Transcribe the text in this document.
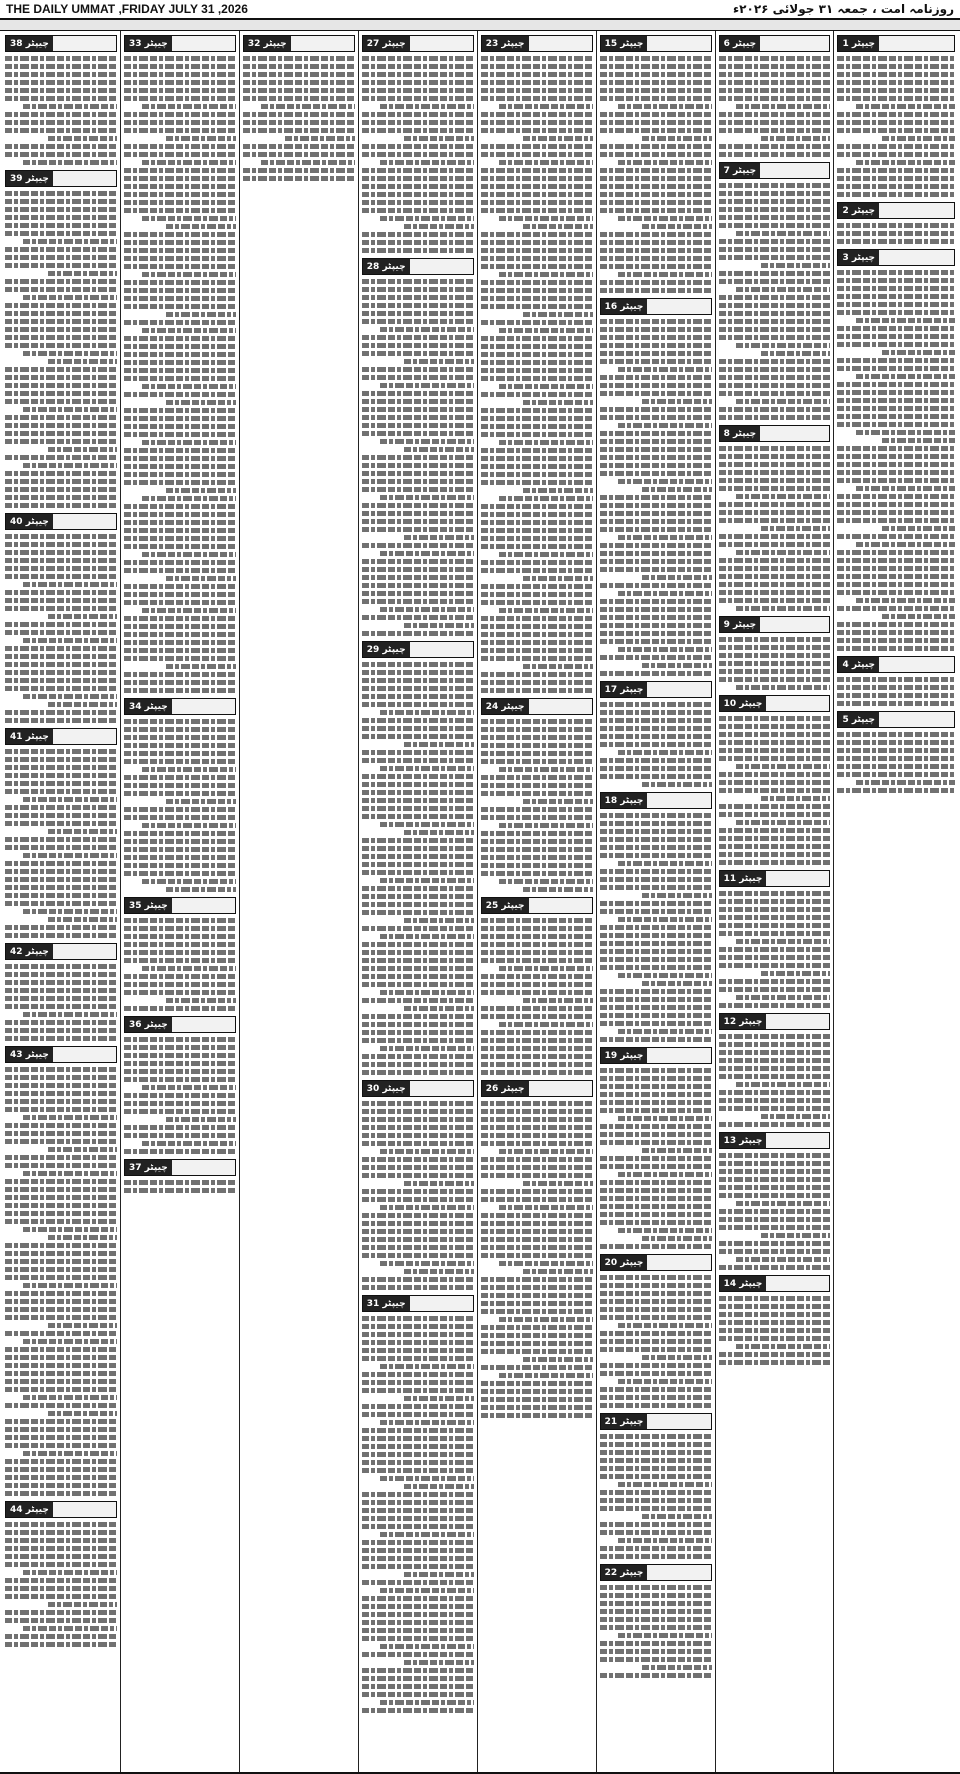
THE DAILY UMMAT ,FRIDAY JULY 31 ,2026	روزنامہ امت ، جمعہ ۳۱ جولائی ۲۰۲۶ء
چیپٹر 1
چیپٹر 2
چیپٹر 3
چیپٹر 4
چیپٹر 5
چیپٹر 6
چیپٹر 7
چیپٹر 8
چیپٹر 9
چیپٹر 10
چیپٹر 11
چیپٹر 12
چیپٹر 13
چیپٹر 14
چیپٹر 15
چیپٹر 16
چیپٹر 17
چیپٹر 18
چیپٹر 19
چیپٹر 20
چیپٹر 21
چیپٹر 22
چیپٹر 23
چیپٹر 24
چیپٹر 25
چیپٹر 26
چیپٹر 27
چیپٹر 28
چیپٹر 29
چیپٹر 30
چیپٹر 31
چیپٹر 32
چیپٹر 33
چیپٹر 34
چیپٹر 35
چیپٹر 36
چیپٹر 37
چیپٹر 38
چیپٹر 39
چیپٹر 40
چیپٹر 41
چیپٹر 42
چیپٹر 43
چیپٹر 44
